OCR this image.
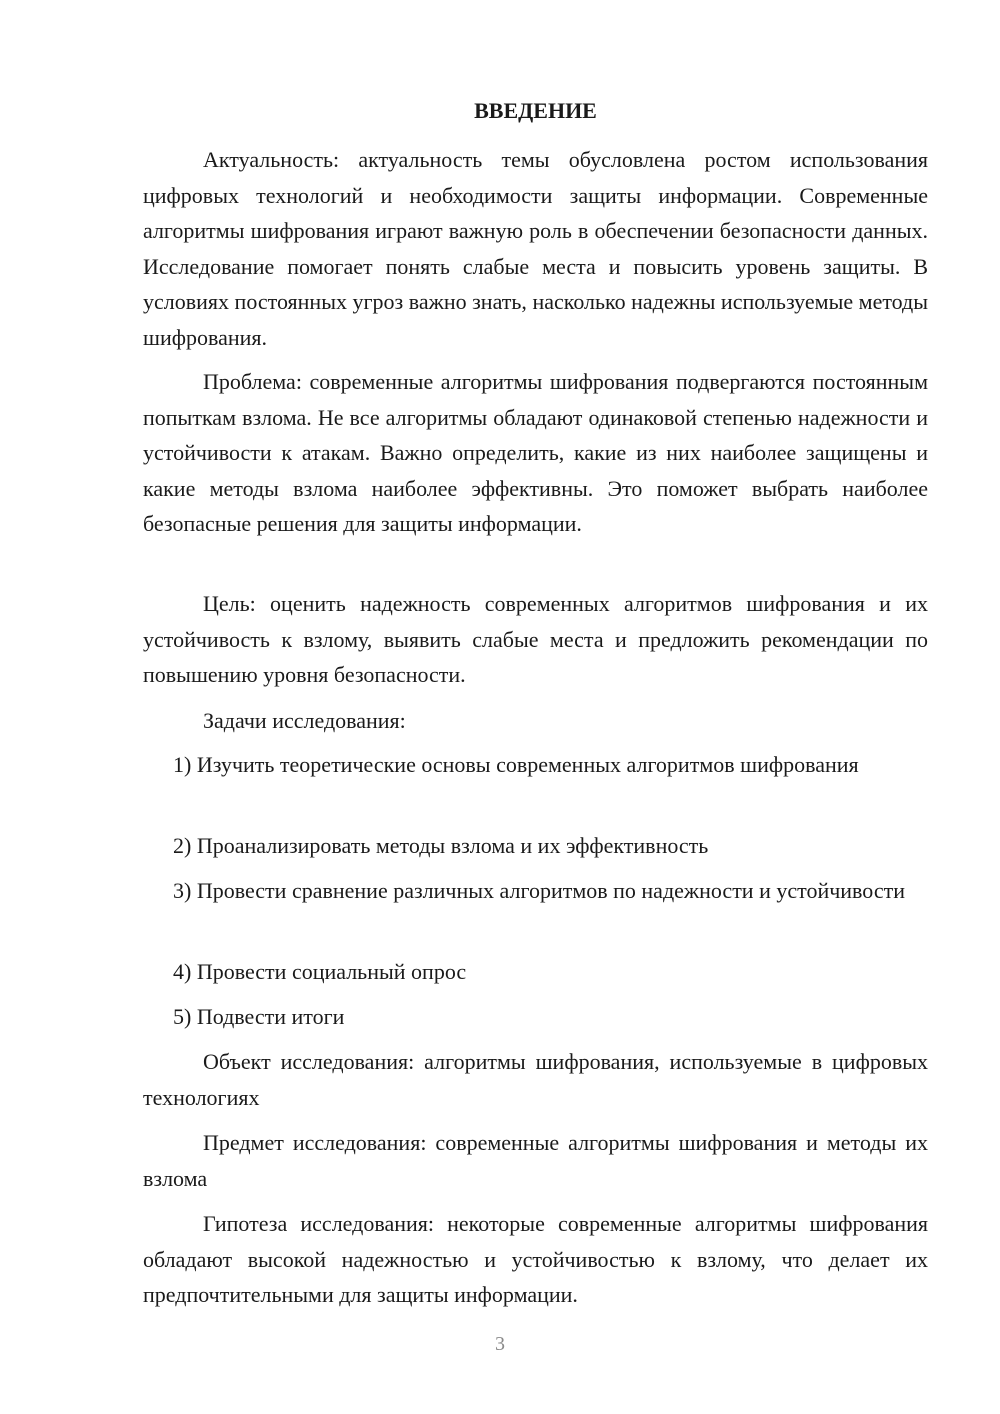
ВВЕДЕНИЕ
Актуальность: актуальность темы обусловлена ростом использования цифровых технологий и необходимости защиты информации. Современные алгоритмы шифрования играют важную роль в обеспечении безопасности данных. Исследование помогает понять слабые места и повысить уровень защиты. В условиях постоянных угроз важно знать, насколько надежны используемые методы шифрования.
Проблема: современные алгоритмы шифрования подвергаются постоянным попыткам взлома. Не все алгоритмы обладают одинаковой степенью надежности и устойчивости к атакам. Важно определить, какие из них наиболее защищены и какие методы взлома наиболее эффективны. Это поможет выбрать наиболее безопасные решения для защиты информации.
Цель: оценить надежность современных алгоритмов шифрования и их устойчивость к взлому, выявить слабые места и предложить рекомендации по повышению уровня безопасности.
Задачи исследования:
1) Изучить теоретические основы современных алгоритмов шифрования
2) Проанализировать методы взлома и их эффективность
3) Провести сравнение различных алгоритмов по надежности и устойчивости
4) Провести социальный опрос
5) Подвести итоги
Объект исследования: алгоритмы шифрования, используемые в цифровых технологиях
Предмет исследования: современные алгоритмы шифрования и методы их взлома
Гипотеза исследования: некоторые современные алгоритмы шифрования обладают высокой надежностью и устойчивостью к взлому, что делает их предпочтительными для защиты информации.
3
